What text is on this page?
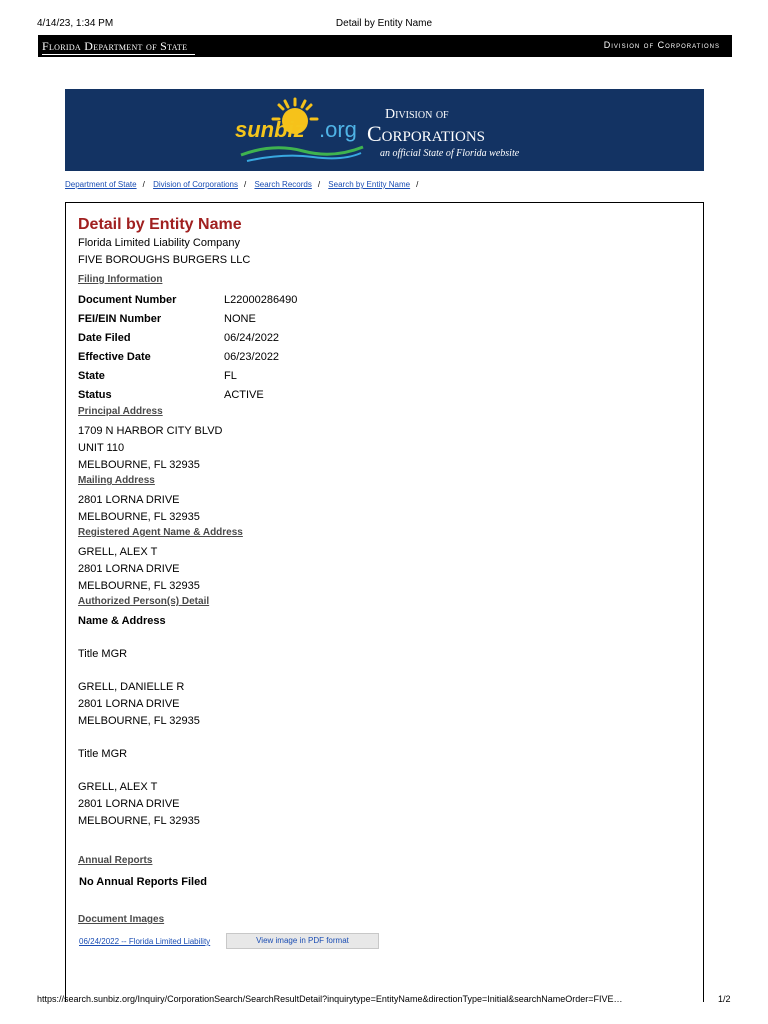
4/14/23, 1:34 PM	Detail by Entity Name
Florida Department of State	Division of Corporations
sunbiz .org
Division of
Corporations
an official State of Florida website
Department of State / Division of Corporations / Search Records / Search by Entity Name /
Detail by Entity Name
Florida Limited Liability Company
FIVE BOROUGHS BURGERS LLC
Filing Information
Document Number	L22000286490
FEI/EIN Number	NONE
Date Filed	06/24/2022
Effective Date	06/23/2022
State	FL
Status	ACTIVE
Principal Address
1709 N HARBOR CITY BLVD
UNIT 110
MELBOURNE, FL 32935
Mailing Address
2801 LORNA DRIVE
MELBOURNE, FL 32935
Registered Agent Name & Address
GRELL, ALEX T
2801 LORNA DRIVE
MELBOURNE, FL 32935
Authorized Person(s) Detail
Name & Address
Title MGR
GRELL, DANIELLE R
2801 LORNA DRIVE
MELBOURNE, FL 32935
Title MGR
GRELL, ALEX T
2801 LORNA DRIVE
MELBOURNE, FL 32935
Annual Reports
No Annual Reports Filed
Document Images
06/24/2022 -- Florida Limited Liability	View image in PDF format
https://search.sunbiz.org/Inquiry/CorporationSearch/SearchResultDetail?inquirytype=EntityName&directionType=Initial&searchNameOrder=FIVE…	1/2
